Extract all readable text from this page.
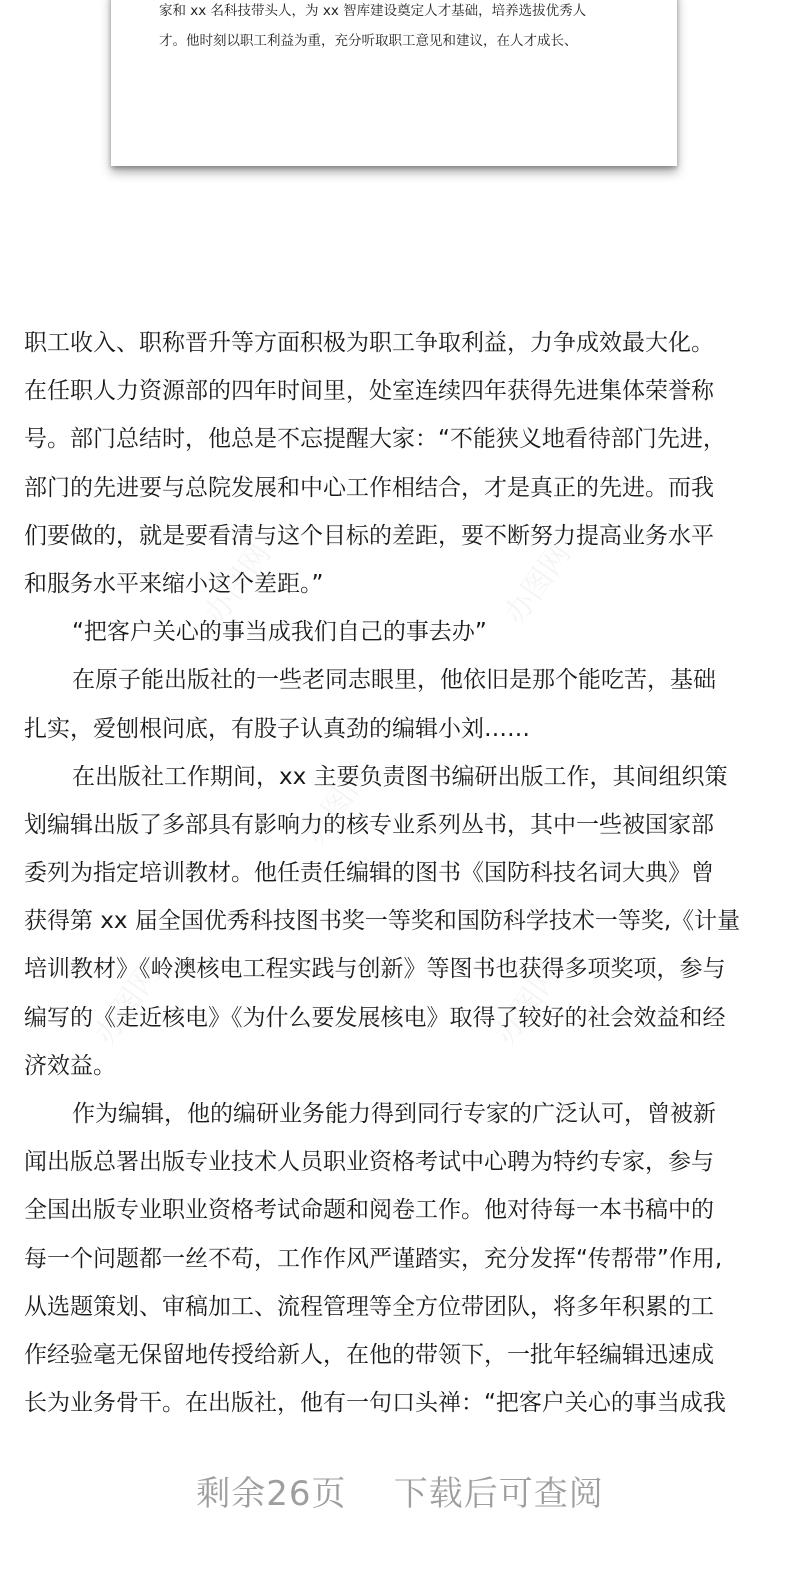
家和 xx 名科技带头人，为 xx 智库建设奠定人才基础，培养选拔优秀人

才。他时刻以职工利益为重，充分听取职工意见和建议，在人才成长、

职工收入、职称晋升等方面积极为职工争取利益，力争成效最大化。
在任职人力资源部的四年时间里，处室连续四年获得先进集体荣誉称
号。部门总结时，他总是不忘提醒大家：“不能狭义地看待部门先进，
部门的先进要与总院发展和中心工作相结合，才是真正的先进。而我
们要做的，就是要看清与这个目标的差距，要不断努力提高业务水平
和服务水平来缩小这个差距。”
“把客户关心的事当成我们自己的事去办”
在原子能出版社的一些老同志眼里，他依旧是那个能吃苦，基础
扎实，爱刨根问底，有股子认真劲的编辑小刘……
在出版社工作期间，xx 主要负责图书编研出版工作，其间组织策
划编辑出版了多部具有影响力的核专业系列丛书，其中一些被国家部
委列为指定培训教材。他任责任编辑的图书《国防科技名词大典》曾
获得第 xx 届全国优秀科技图书奖一等奖和国防科学技术一等奖,《计量
培训教材》《岭澳核电工程实践与创新》等图书也获得多项奖项，参与
编写的《走近核电》《为什么要发展核电》取得了较好的社会效益和经
济效益。
作为编辑，他的编研业务能力得到同行专家的广泛认可，曾被新
闻出版总署出版专业技术人员职业资格考试中心聘为特约专家，参与
全国出版专业职业资格考试命题和阅卷工作。他对待每一本书稿中的
每一个问题都一丝不苟，工作作风严谨踏实，充分发挥“传帮带”作用,
从选题策划、审稿加工、流程管理等全方位带团队，将多年积累的工
作经验毫无保留地传授给新人，在他的带领下，一批年轻编辑迅速成
长为业务骨干。在出版社，他有一句口头禅：“把客户关心的事当成我
剩余26页 下载后可查阅
